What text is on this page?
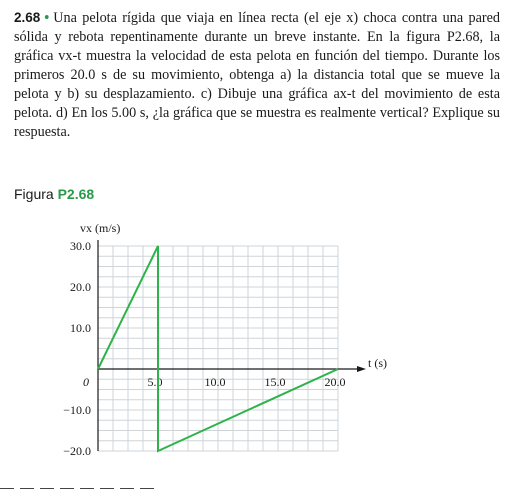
2.68 • Una pelota rígida que viaja en línea recta (el eje x) choca contra una pared sólida y rebota repentinamente durante un breve instante. En la figura P2.68, la gráfica vx-t muestra la velocidad de esta pelota en función del tiempo. Durante los primeros 20.0 s de su movimiento, obtenga a) la distancia total que se mueve la pelota y b) su desplazamiento. c) Dibuje una gráfica ax-t del movimiento de esta pelota. d) En los 5.00 s, ¿la gráfica que se muestra es realmente vertical? Explique su respuesta.
Figura P2.68
30.0
20.0
10.0
−10.0
−20.0
0	5.0	10.0	15.0	20.0
vx (m/s)
t (s)
